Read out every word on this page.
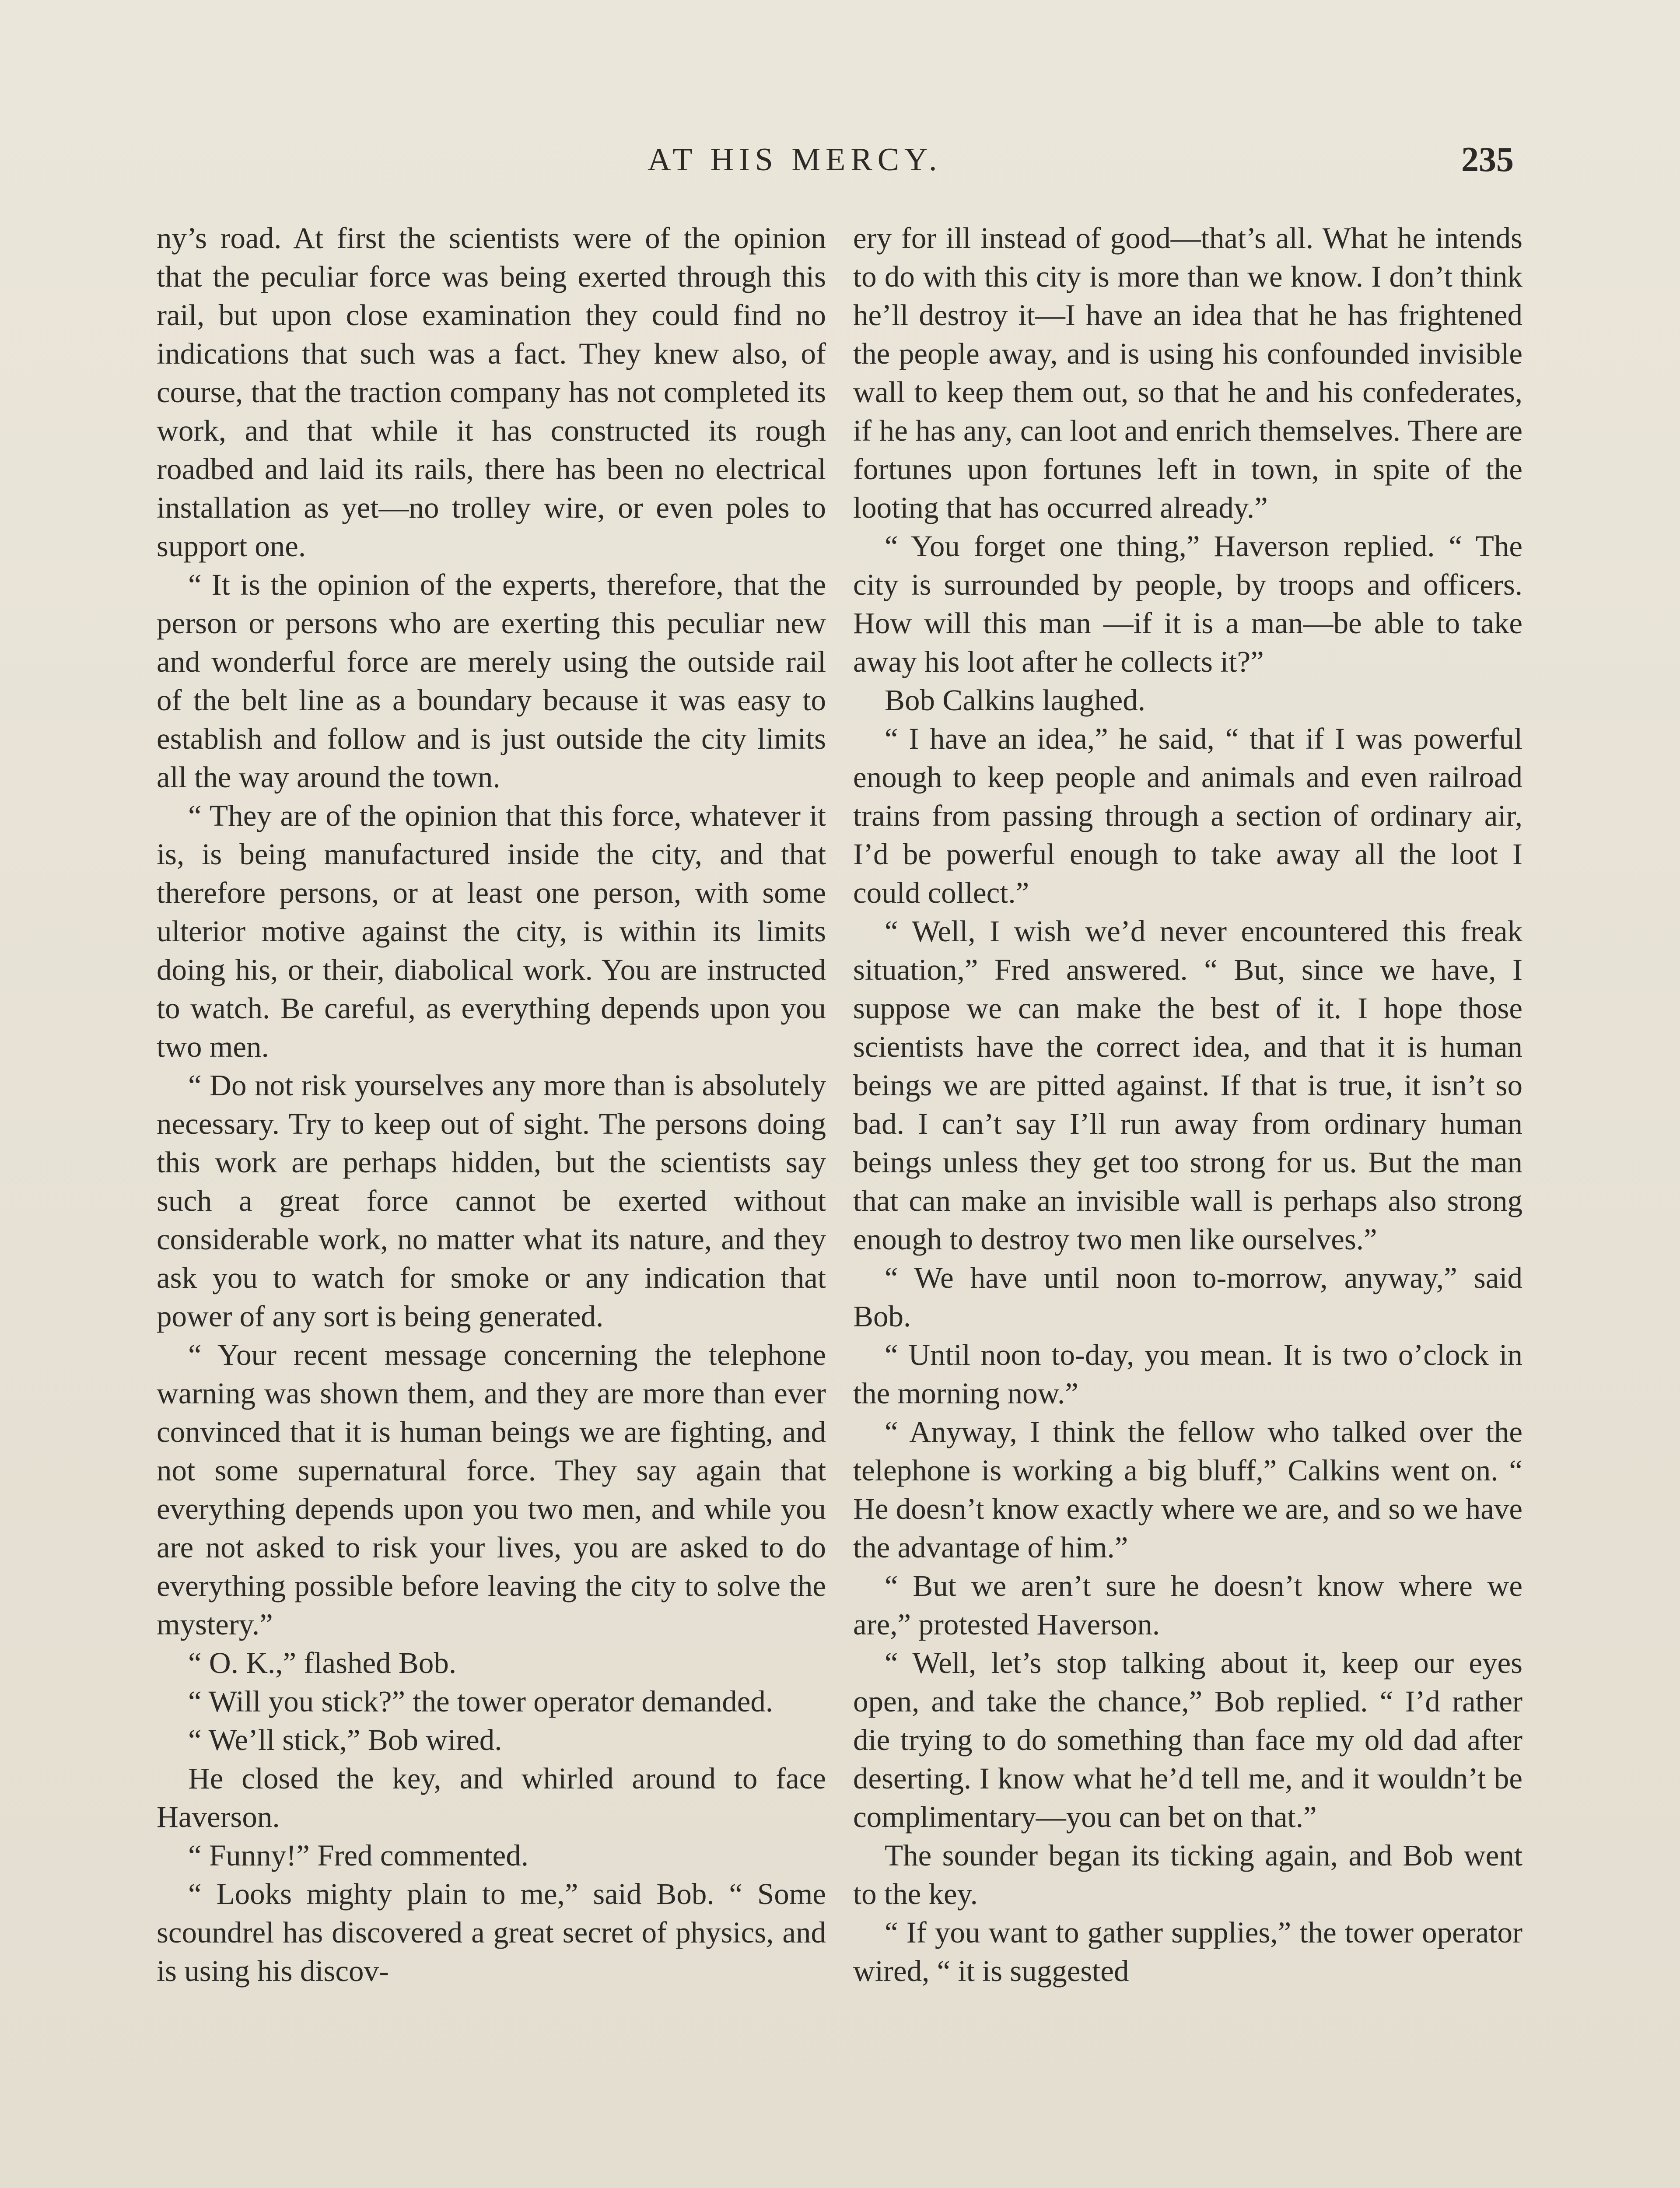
AT HIS MERCY.	235

ny’s road. At first the scientists were of the opinion that the peculiar force was being exerted through this rail, but upon close examination they could find no indications that such was a fact. They knew also, of course, that the traction company has not completed its work, and that while it has constructed its rough roadbed and laid its rails, there has been no electrical installation as yet—no trolley wire, or even poles to support one.

“ It is the opinion of the experts, therefore, that the person or persons who are exerting this peculiar new and wonderful force are merely using the outside rail of the belt line as a boundary because it was easy to establish and follow and is just outside the city limits all the way around the town.

“ They are of the opinion that this force, whatever it is, is being manufactured inside the city, and that therefore persons, or at least one person, with some ulterior motive against the city, is within its limits doing his, or their, diabolical work. You are instructed to watch. Be careful, as everything depends upon you two men.

“ Do not risk yourselves any more than is absolutely necessary. Try to keep out of sight. The persons doing this work are perhaps hidden, but the scientists say such a great force cannot be exerted without considerable work, no matter what its nature, and they ask you to watch for smoke or any indication that power of any sort is being generated.

“ Your recent message concerning the telephone warning was shown them, and they are more than ever convinced that it is human beings we are fighting, and not some supernatural force. They say again that everything depends upon you two men, and while you are not asked to risk your lives, you are asked to do everything possible before leaving the city to solve the mystery.”

“ O. K.,” flashed Bob.

“ Will you stick?” the tower operator demanded.

“ We’ll stick,” Bob wired.

He closed the key, and whirled around to face Haverson.

“ Funny!” Fred commented.

“ Looks mighty plain to me,” said Bob. “ Some scoundrel has discovered a great secret of physics, and is using his discov-

ery for ill instead of good—that’s all. What he intends to do with this city is more than we know. I don’t think he’ll destroy it—I have an idea that he has frightened the people away, and is using his confounded invisible wall to keep them out, so that he and his confederates, if he has any, can loot and enrich themselves. There are fortunes upon fortunes left in town, in spite of the looting that has occurred already.”

“ You forget one thing,” Haverson replied. “ The city is surrounded by people, by troops and officers. How will this man —if it is a man—be able to take away his loot after he collects it?”

Bob Calkins laughed.

“ I have an idea,” he said, “ that if I was powerful enough to keep people and animals and even railroad trains from passing through a section of ordinary air, I’d be powerful enough to take away all the loot I could collect.”

“ Well, I wish we’d never encountered this freak situation,” Fred answered. “ But, since we have, I suppose we can make the best of it. I hope those scientists have the correct idea, and that it is human beings we are pitted against. If that is true, it isn’t so bad. I can’t say I’ll run away from ordinary human beings unless they get too strong for us. But the man that can make an invisible wall is perhaps also strong enough to destroy two men like ourselves.”

“ We have until noon to-morrow, anyway,” said Bob.

“ Until noon to-day, you mean. It is two o’clock in the morning now.”

“ Anyway, I think the fellow who talked over the telephone is working a big bluff,” Calkins went on. “ He doesn’t know exactly where we are, and so we have the advantage of him.”

“ But we aren’t sure he doesn’t know where we are,” protested Haverson.

“ Well, let’s stop talking about it, keep our eyes open, and take the chance,” Bob replied. “ I’d rather die trying to do something than face my old dad after deserting. I know what he’d tell me, and it wouldn’t be complimentary—you can bet on that.”

The sounder began its ticking again, and Bob went to the key.

“ If you want to gather supplies,” the tower operator wired, “ it is suggested
